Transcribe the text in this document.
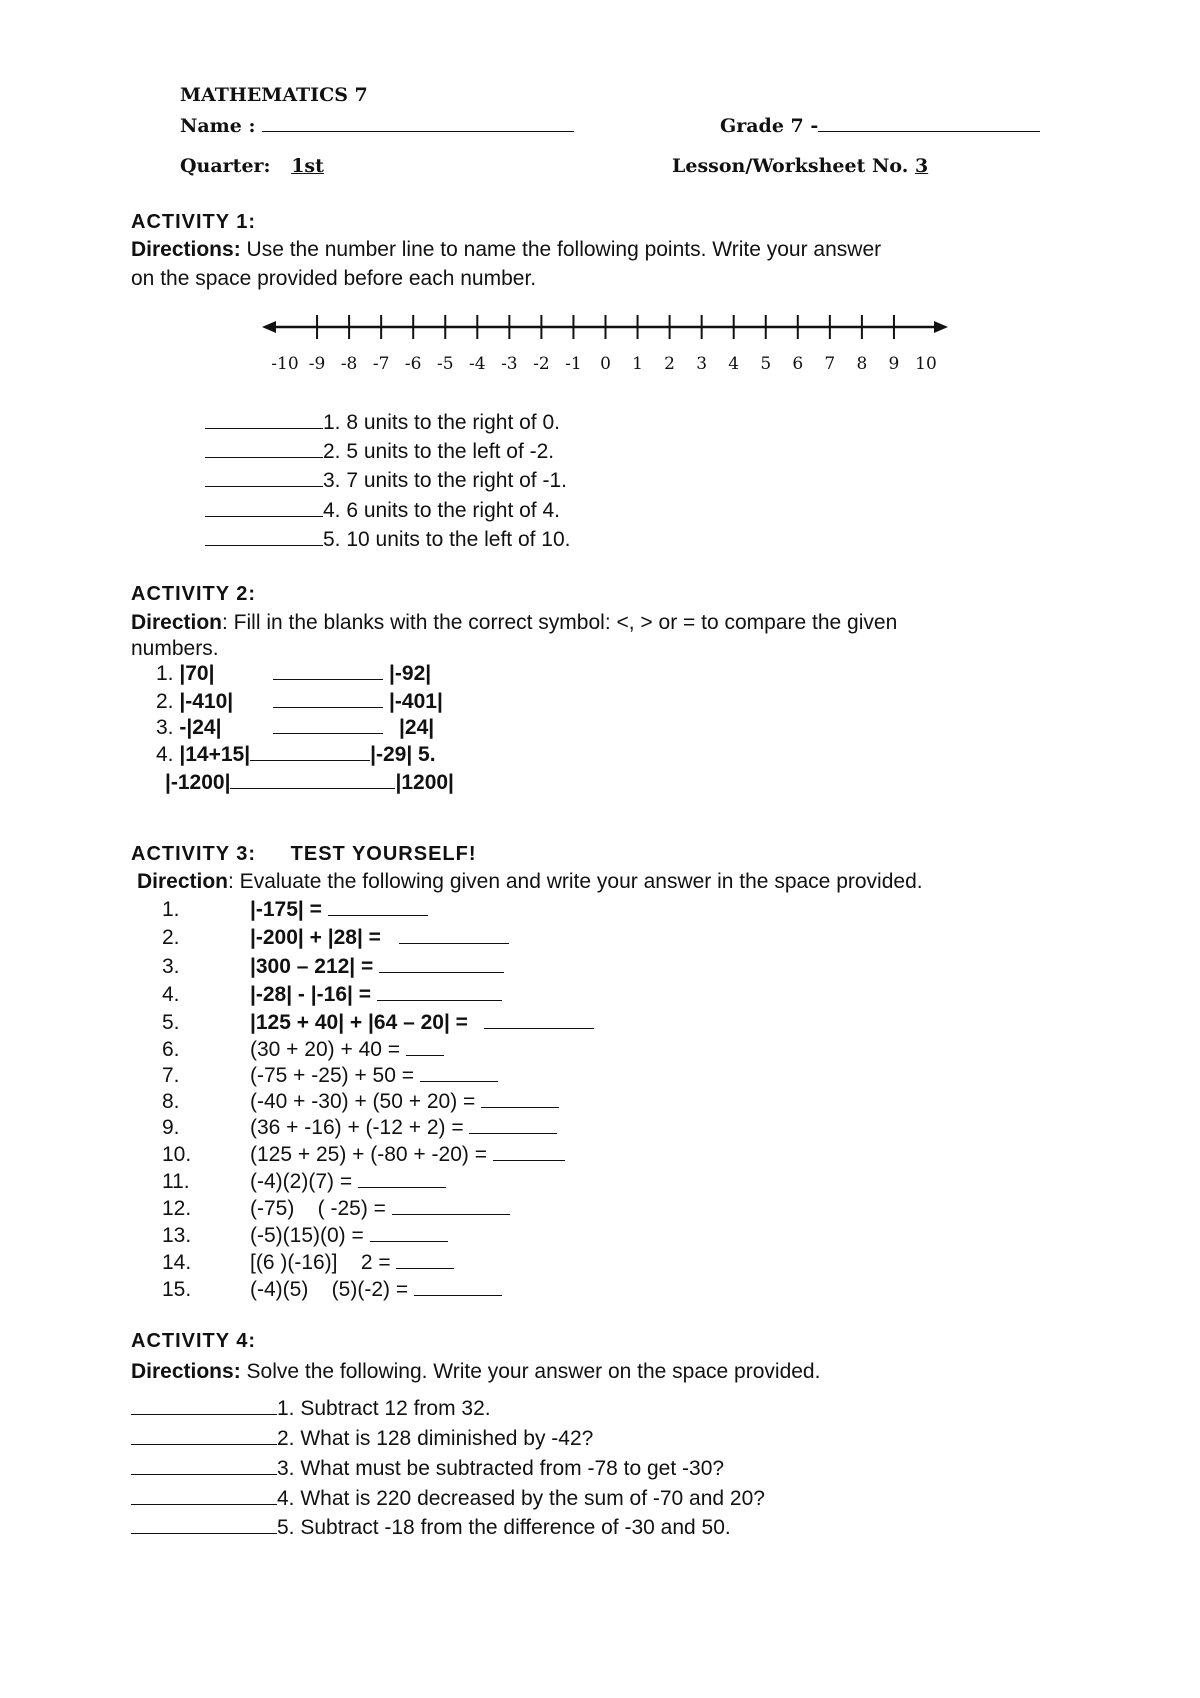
MATHEMATICS 7
Name :	Grade 7 -
Quarter: 1st	Lesson/Worksheet No. 3
ACTIVITY 1:
Directions: Use the number line to name the following points. Write your answer
on the space provided before each number.
-10 -9 -8 -7 -6 -5 -4 -3 -2 -1 0 1 2 3 4 5 6 7 8 9 10
1. 8 units to the right of 0.
2. 5 units to the left of -2.
3. 7 units to the right of -1.
4. 6 units to the right of 4.
5. 10 units to the left of 10.
ACTIVITY 2:
Direction: Fill in the blanks with the correct symbol: <, > or = to compare the given
numbers.
1. |70|	|-92|
2. |-410|	|-401|
3. -|24|	|24|
4. |14+15|	|-29| 5.
|-1200|	|1200|
ACTIVITY 3: TEST YOURSELF!
Direction: Evaluate the following given and write your answer in the space provided.
1.	|-175| =
2.	|-200| + |28| =
3.	|300 – 212| =
4.	|-28| - |-16| =
5.	|125 + 40| + |64 – 20| =
6.	(30 + 20) + 40 =
7.	(-75 + -25) + 50 =
8.	(-40 + -30) + (50 + 20) =
9.	(36 + -16) + (-12 + 2) =
10.	(125 + 25) + (-80 + -20) =
11.	(-4)(2)(7) =
12.	(-75)    ( -25) =
13.	(-5)(15)(0) =
14.	[(6 )(-16)]    2 =
15.	(-4)(5)    (5)(-2) =
ACTIVITY 4:
Directions: Solve the following. Write your answer on the space provided.
1. Subtract 12 from 32.
2. What is 128 diminished by -42?
3. What must be subtracted from -78 to get -30?
4. What is 220 decreased by the sum of -70 and 20?
5. Subtract -18 from the difference of -30 and 50.
